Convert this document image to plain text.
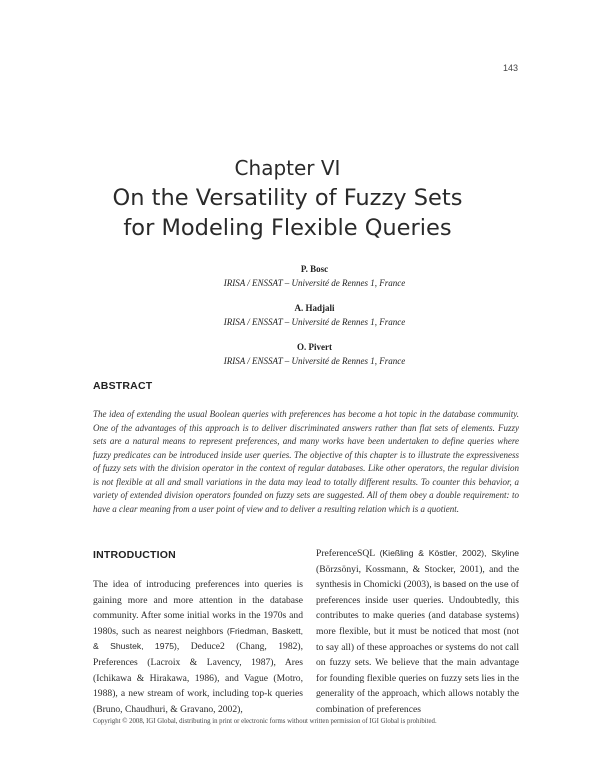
143
Chapter VI
On the Versatility of Fuzzy Sets
for Modeling Flexible Queries
P. Bosc
IRISA / ENSSAT – Université de Rennes 1, France
A. Hadjali
IRISA / ENSSAT – Université de Rennes 1, France
O. Pivert
IRISA / ENSSAT – Université de Rennes 1, France
ABSTRACT
The idea of extending the usual Boolean queries with preferences has become a hot topic in the database community. One of the advantages of this approach is to deliver discriminated answers rather than flat sets of elements. Fuzzy sets are a natural means to represent preferences, and many works have been undertaken to define queries where fuzzy predicates can be introduced inside user queries. The objective of this chapter is to illustrate the expressiveness of fuzzy sets with the division operator in the context of regular databases. Like other operators, the regular division is not flexible at all and small variations in the data may lead to totally different results. To counter this behavior, a variety of extended division operators founded on fuzzy sets are suggested. All of them obey a double requirement: to have a clear meaning from a user point of view and to deliver a resulting relation which is a quotient.
INTRODUCTION

The idea of introducing preferences into queries is gaining more and more attention in the database community. After some initial works in the 1970s and 1980s, such as nearest neighbors (Friedman, Baskett, & Shustek, 1975), Deduce2 (Chang, 1982), Preferences (Lacroix & Lavency, 1987), Ares (Ichikawa & Hirakawa, 1986), and Vague (Motro, 1988), a new stream of work, including top-k queries (Bruno, Chaudhuri, & Gravano, 2002),

PreferenceSQL (Kießling & Köstler, 2002), Skyline (Börzsönyi, Kossmann, & Stocker, 2001), and the synthesis in Chomicki (2003), is based on the use of preferences inside user queries. Undoubtedly, this contributes to make queries (and database systems) more flexible, but it must be noticed that most (not to say all) of these approaches or systems do not call on fuzzy sets. We believe that the main advantage for founding flexible queries on fuzzy sets lies in the generality of the approach, which allows notably the combination of preferences

Copyright © 2008, IGI Global, distributing in print or electronic forms without written permission of IGI Global is prohibited.
